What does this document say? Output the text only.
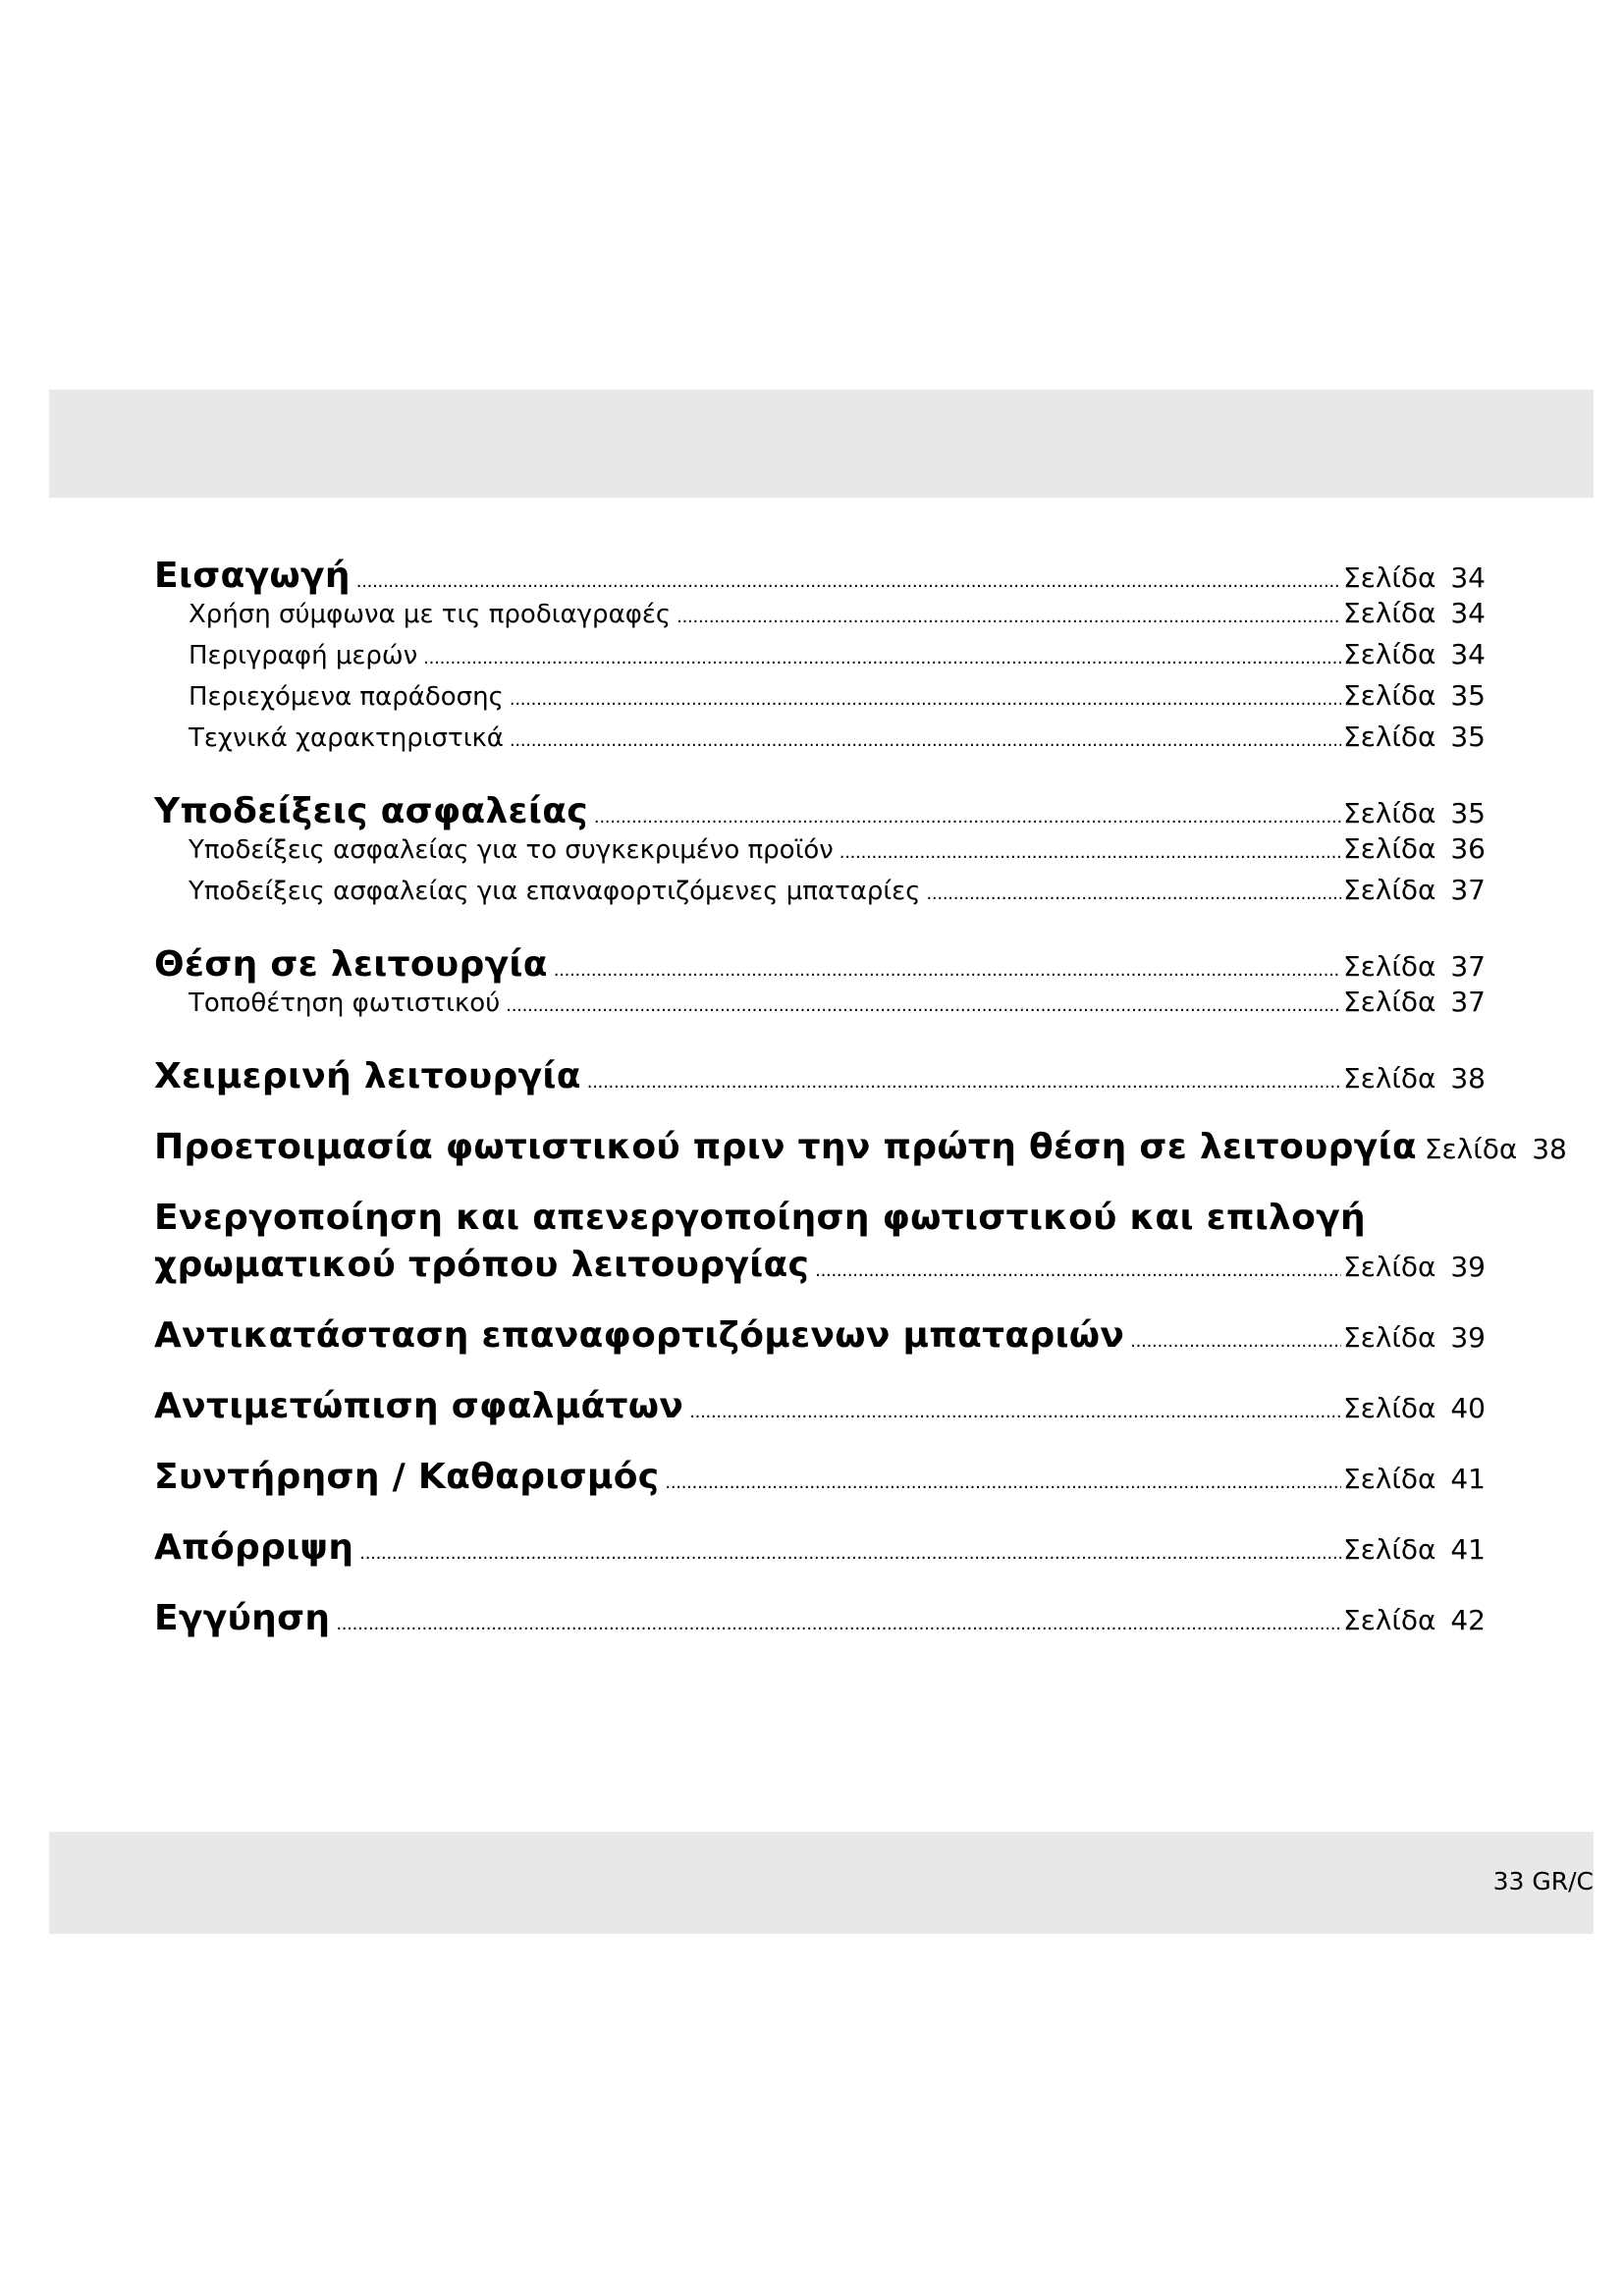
Εισαγωγή . . .	Σελίδα 34
Χρήση σύμφωνα με τις προδιαγραφές . . .	Σελίδα 34
Περιγραφή μερών . . .	Σελίδα 34
Περιεχόμενα παράδοσης . . .	Σελίδα 35
Τεχνικά χαρακτηριστικά . . .	Σελίδα 35
Υποδείξεις ασφαλείας . . .	Σελίδα 35
Υποδείξεις ασφαλείας για το συγκεκριμένο προϊόν . . .	Σελίδα 36
Υποδείξεις ασφαλείας για επαναφορτιζόμενες μπαταρίες . . .	Σελίδα 37
Θέση σε λειτουργία . . .	Σελίδα 37
Τοποθέτηση φωτιστικού . . .	Σελίδα 37
Χειμερινή λειτουργία . . .	Σελίδα 38
Προετοιμασία φωτιστικού πριν την πρώτη θέση σε λειτουργία Σελίδα 38
Ενεργοποίηση και απενεργοποίηση φωτιστικού και επιλογή
χρωματικού τρόπου λειτουργίας . . .	Σελίδα 39
Αντικατάσταση επαναφορτιζόμενων μπαταριών . . .	Σελίδα 39
Αντιμετώπιση σφαλμάτων . . .	Σελίδα 40
Συντήρηση / Καθαρισμός . . .	Σελίδα 41
Απόρριψη . . .	Σελίδα 41
Εγγύηση . . .	Σελίδα 42
33 GR/C
